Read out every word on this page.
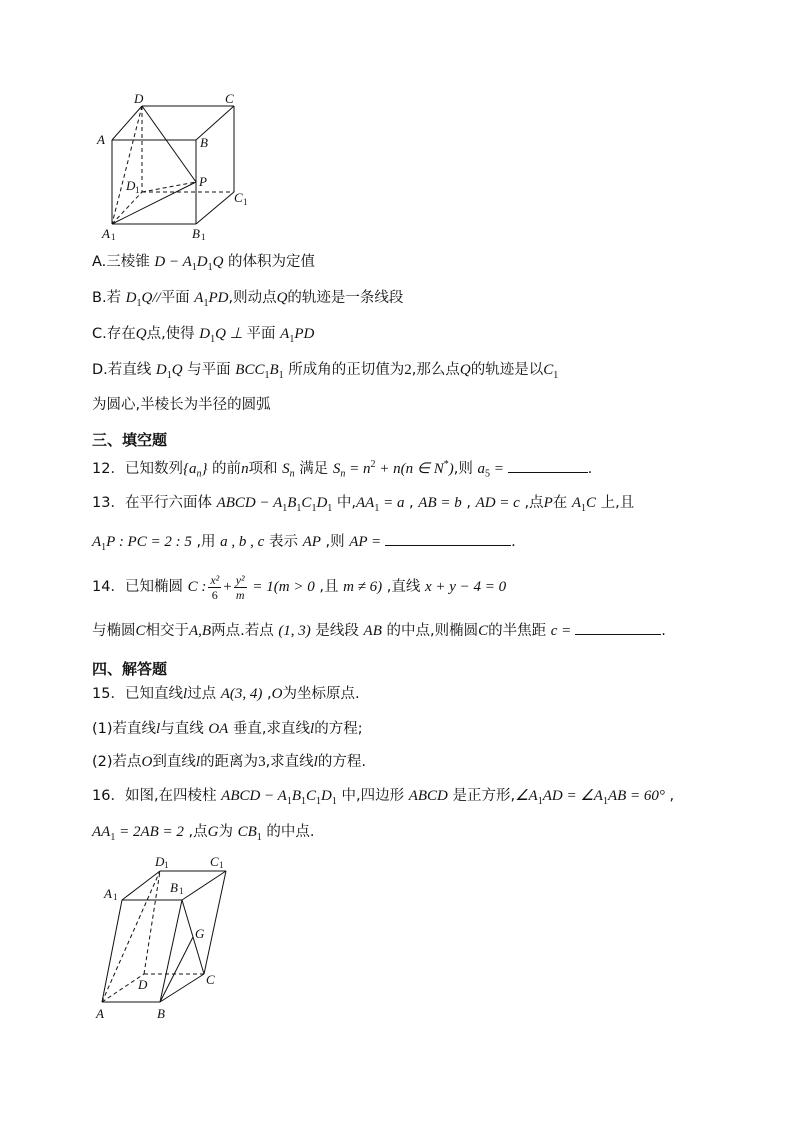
D	C
A	B
D 1
P
C 1
A 1	B 1
A.三棱锥 $D - A_1D_1Q$ 的体积为定值
B.若 $D_1Q//$平面 $A_1PD$,则动点Q的轨迹是一条线段
C.存在Q点,使得 $D_1Q$ ⊥ 平面 $A_1PD$
D.若直线 $D_1Q$ 与平面 $BCC_1B_1$ 所成角的正切值为2,那么点Q的轨迹是以$C_1$
为圆心,半棱长为半径的圆弧
三、填空题
12．已知数列$\{a_n\}$ 的前n项和 $S_n$ 满足 $S_n = n^2 + n(n$ ∈ N*),则 $a_5$ =	.
13．在平行六面体 ABCD − $A_1B_1C_1D_1$ 中$,AA_1 = a$ , AB = b , AD = c ,点P在 $A_1C$ 上,且
$A_1P$ : PC = 2 : 5 ,用 a , b , c 表示 AP ,则 AP =	.
14．已知椭圆 C : $\frac{\text{x²}}{6} + \frac{\text{y²}}{m} = 1(m > 0$ ,且 m ≠ 6) ,直线 x + y − 4 = 0
与椭圆C相交于A,B两点.若点 (1, 3) 是线段 AB 的中点,则椭圆C的半焦距 c =	.
四、解答题
15．已知直线l过点 A(3, 4) ,O为坐标原点.
(1)若直线l与直线 OA 垂直,求直线l的方程;
(2)若点O到直线l的距离为3,求直线l的方程.
16．如图,在四棱柱 ABCD − $A_1B_1C_1D_1$ 中,四边形 ABCD 是正方形$,\angle A_1AD$ = $\angle A_1AB = 60^\circ$ ,
$AA_1 = 2AB = 2$ ,点G为 $CB_1$ 的中点.
D 1	C 1
A 1
B 1
G
D	C
A	B
